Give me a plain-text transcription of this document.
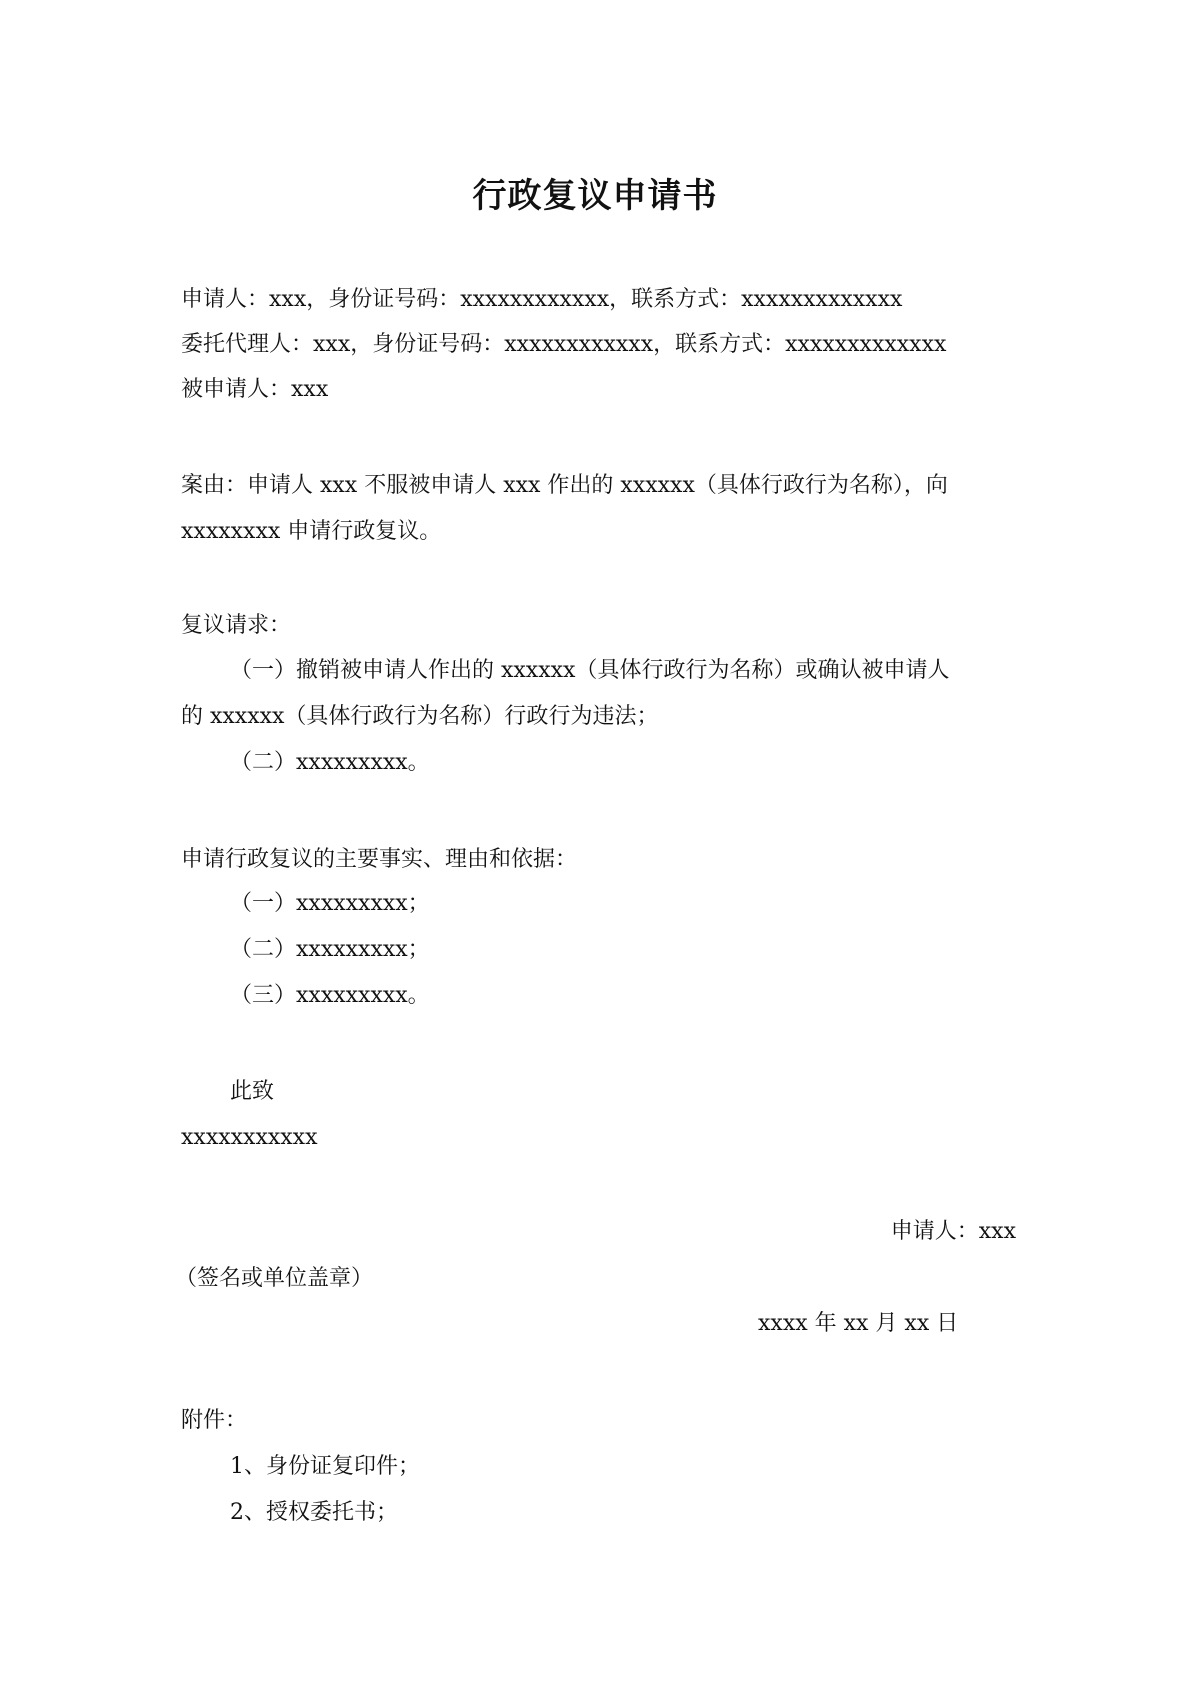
行政复议申请书
申请人：xxx，身份证号码：xxxxxxxxxxxx，联系方式：xxxxxxxxxxxxx
委托代理人：xxx，身份证号码：xxxxxxxxxxxx，联系方式：xxxxxxxxxxxxx
被申请人：xxx
案由：申请人 xxx 不服被申请人 xxx 作出的 xxxxxx（具体行政行为名称），向
xxxxxxxx 申请行政复议。
复议请求：
（一）撤销被申请人作出的 xxxxxx（具体行政行为名称）或确认被申请人
的 xxxxxx（具体行政行为名称）行政行为违法；
（二）xxxxxxxxx。
申请行政复议的主要事实、理由和依据：
（一）xxxxxxxxx；
（二）xxxxxxxxx；
（三）xxxxxxxxx。
此致
xxxxxxxxxxx
申请人：xxx
（签名或单位盖章）
xxxx 年 xx 月 xx 日
附件：
1、身份证复印件；
2、授权委托书；
